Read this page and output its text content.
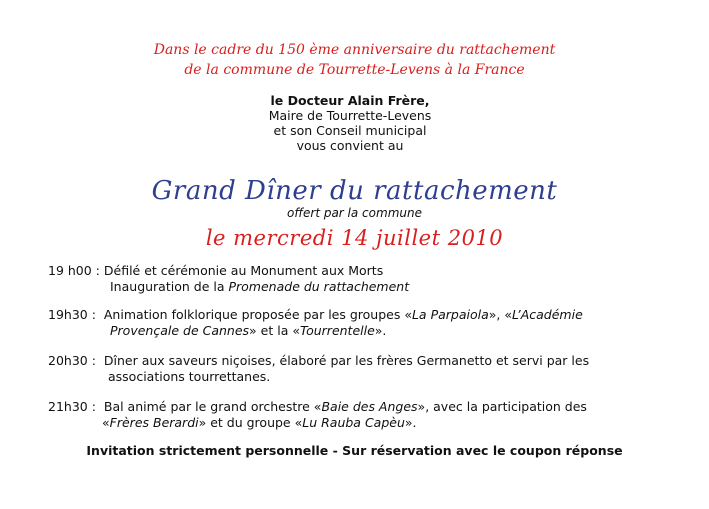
Dans le cadre du 150 ème anniversaire du rattachement
de la commune de Tourrette-Levens à la France
le Docteur Alain Frère,
Maire de Tourrette-Levens
et son Conseil municipal
vous convient au
Grand Dîner du rattachement
offert par la commune
le mercredi 14 juillet 2010
19 h00 : Défilé et cérémonie au Monument aux Morts
Inauguration de la Promenade du rattachement
19h30 : Animation folklorique proposée par les groupes «La Parpaiola», «L’Académie
Provençale de Cannes» et la «Tourrentelle».
20h30 : Dîner aux saveurs niçoises, élaboré par les frères Germanetto et servi par les
associations tourrettanes.
21h30 : Bal animé par le grand orchestre «Baie des Anges», avec la participation des
«Frères Berardi» et du groupe «Lu Rauba Capèu».
Invitation strictement personnelle - Sur réservation avec le coupon réponse
